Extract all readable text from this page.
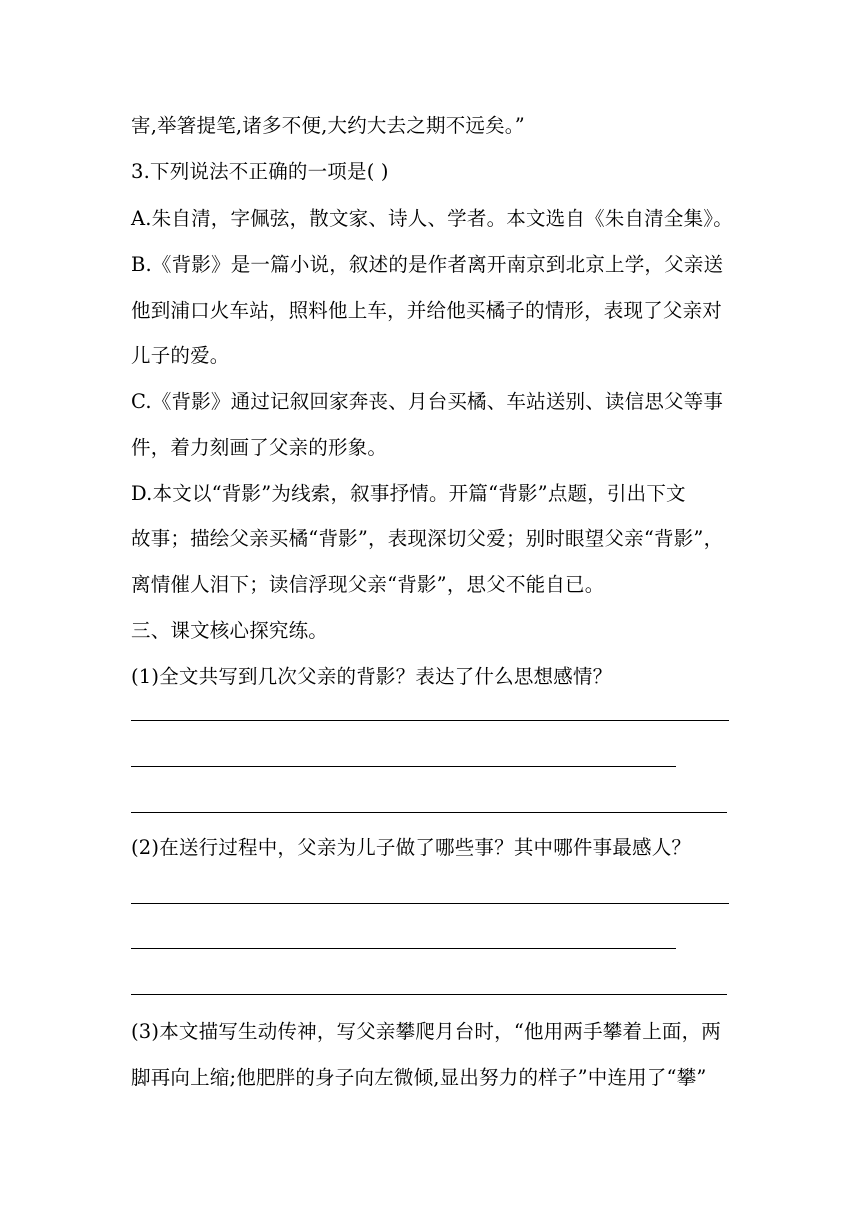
害,举箸提笔,诸多不便,大约大去之期不远矣。”
3.下列说法不正确的一项是( )
A.朱自清，字佩弦，散文家、诗人、学者。本文选自《朱自清全集》。
B.《背影》是一篇小说，叙述的是作者离开南京到北京上学，父亲送
他到浦口火车站，照料他上车，并给他买橘子的情形，表现了父亲对
儿子的爱。
C.《背影》通过记叙回家奔丧、月台买橘、车站送别、读信思父等事
件，着力刻画了父亲的形象。
D.本文以“背影”为线索，叙事抒情。开篇“背影”点题，引出下文
故事；描绘父亲买橘“背影”，表现深切父爱；别时眼望父亲“背影”，
离情催人泪下；读信浮现父亲“背影”，思父不能自已。
三、课文核心探究练。
(1)全文共写到几次父亲的背影？表达了什么思想感情？
(2)在送行过程中，父亲为儿子做了哪些事？其中哪件事最感人？
(3)本文描写生动传神，写父亲攀爬月台时，“他用两手攀着上面，两
脚再向上缩;他肥胖的身子向左微倾,显出努力的样子”中连用了“攀”
